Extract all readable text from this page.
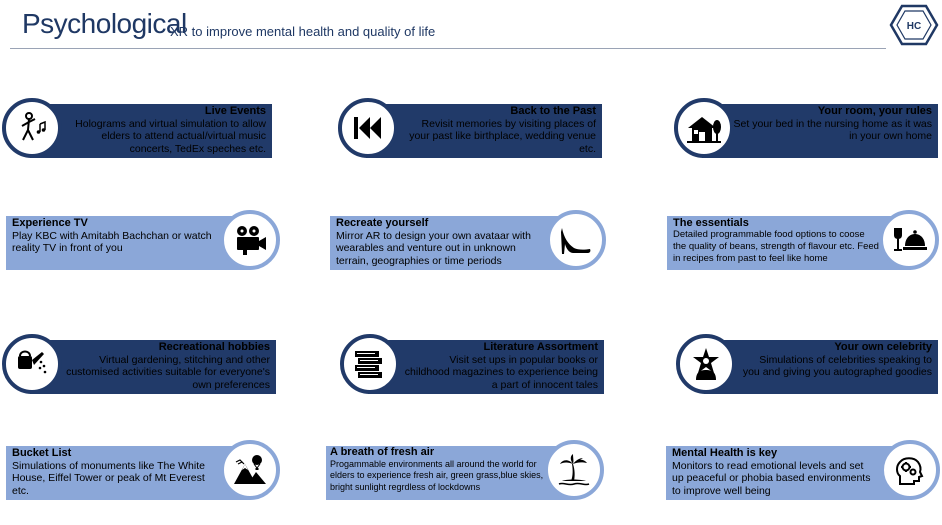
Psychological
XR to improve mental health and quality of life	HC
Live Events
Holograms and virtual simulation to allow elders to attend actual/virtual music concerts, TedEx speches etc.
Back to the Past
Revisit memories by visiting places of your past like birthplace, wedding venue etc.
Your room, your rules
Set your bed in the nursing home as it was in your own home
Experience TV
Play KBC with Amitabh Bachchan or watch reality TV in front of you
Recreate yourself
Mirror AR to design your own avataar with wearables and venture out in unknown terrain, geographies or time periods
The essentials
Detailed programmable food options to coose the quality of beans, strength of flavour etc. Feed in recipes from past to feel like home
Recreational hobbies
Virtual gardening, stitching and other customised activities suitable for everyone's own preferences
Literature Assortment
Visit set ups in popular books or childhood magazines to experience being a part of innocent tales
Your own celebrity
Simulations of celebrities speaking to you and giving you autographed goodies
Bucket List
Simulations of monuments like The White House, Eiffel Tower or peak of Mt Everest etc.
A breath of fresh air
Progammable environments all around the world for elders to experience fresh air, green grass,blue skies, bright sunlight regrdless of lockdowns
Mental Health is key
Monitors to read emotional levels and set up peaceful or phobia based environments to improve well being
